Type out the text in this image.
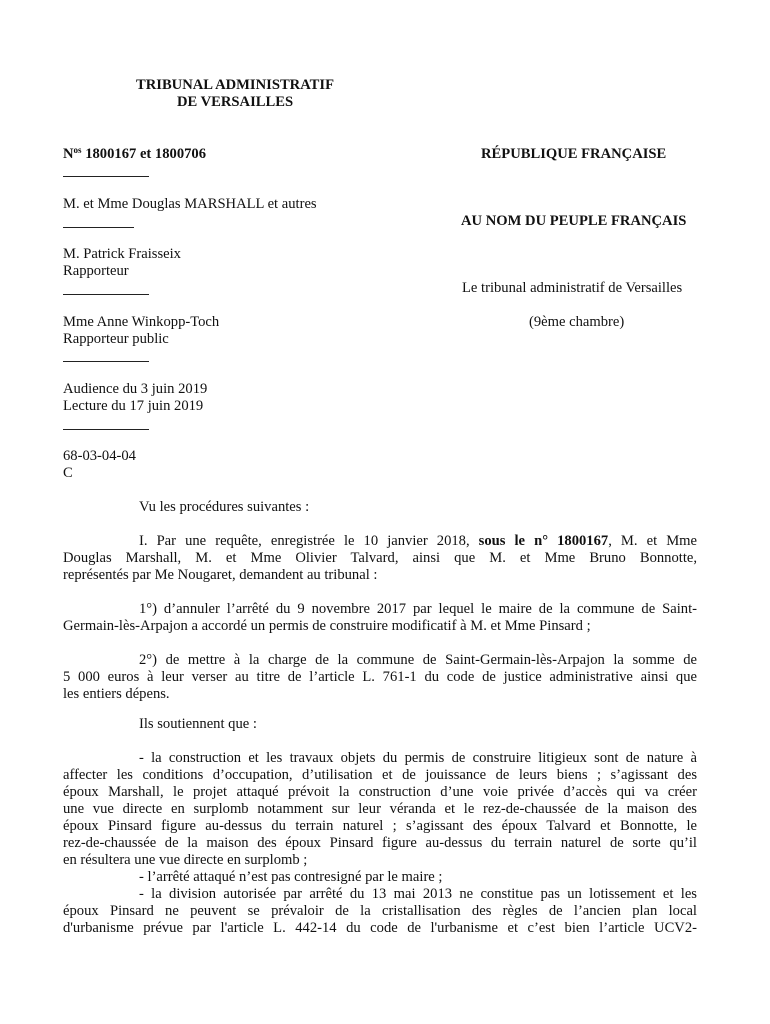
TRIBUNAL ADMINISTRATIF
DE VERSAILLES
$N^{os}$ 1800167 et 1800706	RÉPUBLIQUE FRANÇAISE
M. et Mme Douglas MARSHALL et autres
AU NOM DU PEUPLE FRANÇAIS
M. Patrick Fraisseix
Rapporteur
Le tribunal administratif de Versailles
Mme Anne Winkopp-Toch
Rapporteur public
(9ème chambre)
Audience du 3 juin 2019
Lecture du 17 juin 2019
68-03-04-04
C
Vu les procédures suivantes :
I. Par une requête, enregistrée le 10 janvier 2018, sous le n° 1800167, M. et Mme
Douglas Marshall, M. et Mme Olivier Talvard, ainsi que M. et Mme Bruno Bonnotte,
représentés par Me Nougaret, demandent au tribunal :
1°) d’annuler l’arrêté du 9 novembre 2017 par lequel le maire de la commune de Saint-
Germain-lès-Arpajon a accordé un permis de construire modificatif à M. et Mme Pinsard ;
2°) de mettre à la charge de la commune de Saint-Germain-lès-Arpajon la somme de
5 000 euros à leur verser au titre de l’article L. 761-1 du code de justice administrative ainsi que
les entiers dépens.
Ils soutiennent que :
- la construction et les travaux objets du permis de construire litigieux sont de nature à
affecter les conditions d’occupation, d’utilisation et de jouissance de leurs biens ; s’agissant des
époux Marshall, le projet attaqué prévoit la construction d’une voie privée d’accès qui va créer
une vue directe en surplomb notamment sur leur véranda et le rez-de-chaussée de la maison des
époux Pinsard figure au-dessus du terrain naturel ; s’agissant des époux Talvard et Bonnotte, le
rez-de-chaussée de la maison des époux Pinsard figure au-dessus du terrain naturel de sorte qu’il
en résultera une vue directe en surplomb ;
- l’arrêté attaqué n’est pas contresigné par le maire ;
- la division autorisée par arrêté du 13 mai 2013 ne constitue pas un lotissement et les
époux Pinsard ne peuvent se prévaloir de la cristallisation des règles de l’ancien plan local
d'urbanisme prévue par l'article L. 442-14 du code de l'urbanisme et c’est bien l’article UCV2-
